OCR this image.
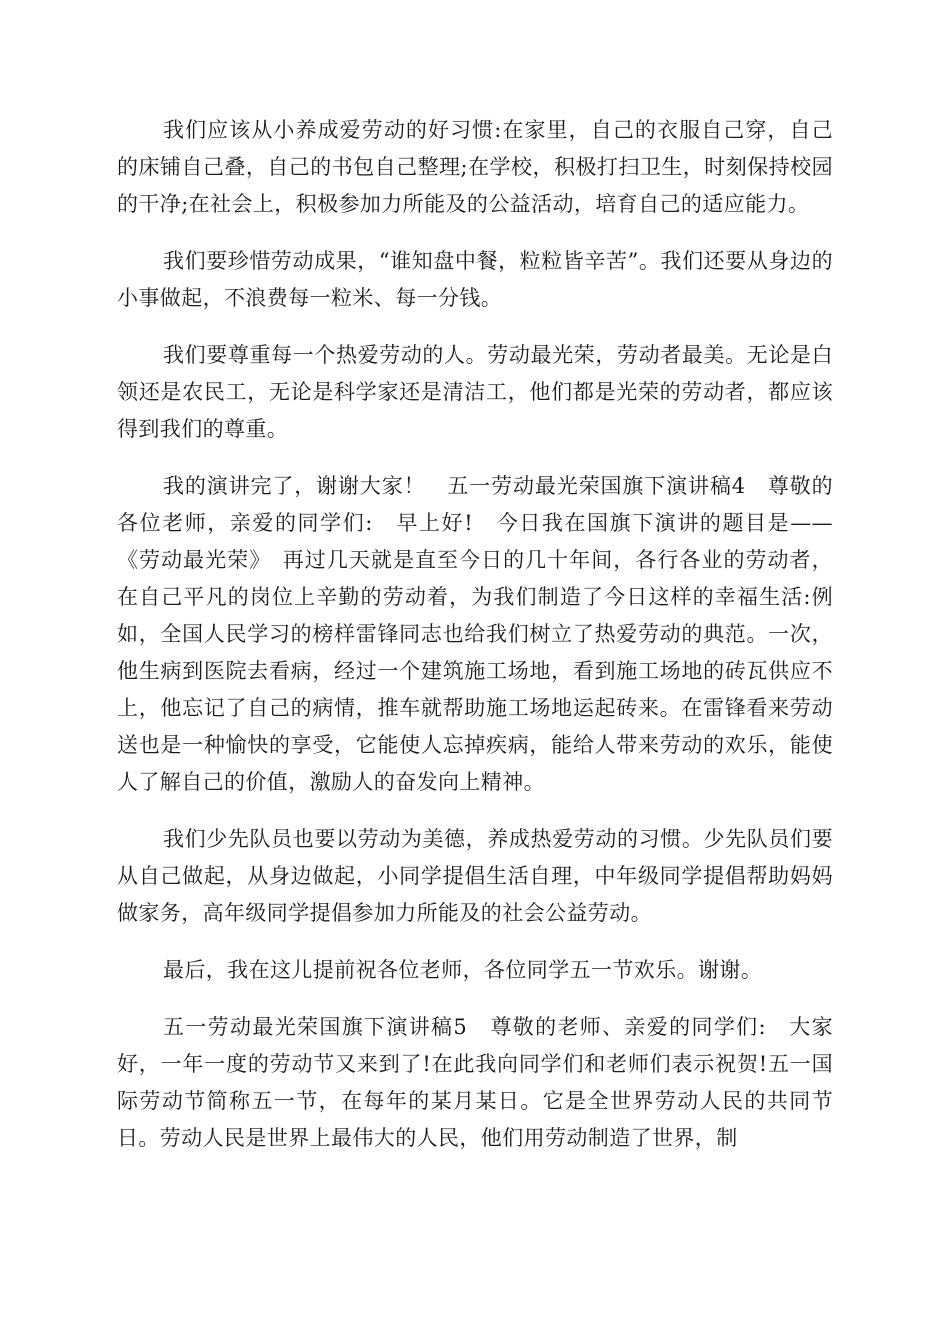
我们应该从小养成爱劳动的好习惯:在家里，自己的衣服自己穿，自己的床铺自己叠，自己的书包自己整理;在学校，积极打扫卫生，时刻保持校园的干净;在社会上，积极参加力所能及的公益活动，培育自己的适应能力。

我们要珍惜劳动成果，“谁知盘中餐，粒粒皆辛苦”。我们还要从身边的小事做起，不浪费每一粒米、每一分钱。

我们要尊重每一个热爱劳动的人。劳动最光荣，劳动者最美。无论是白领还是农民工，无论是科学家还是清洁工，他们都是光荣的劳动者，都应该得到我们的尊重。

我的演讲完了，谢谢大家！　五一劳动最光荣国旗下演讲稿4　尊敬的各位老师，亲爱的同学们:　早上好!　今日我在国旗下演讲的题目是——《劳动最光荣》　再过几天就是直至今日的几十年间，各行各业的劳动者，在自己平凡的岗位上辛勤的劳动着，为我们制造了今日这样的幸福生活:例如，全国人民学习的榜样雷锋同志也给我们树立了热爱劳动的典范。一次，他生病到医院去看病，经过一个建筑施工场地，看到施工场地的砖瓦供应不上，他忘记了自己的病情，推车就帮助施工场地运起砖来。在雷锋看来劳动送也是一种愉快的享受，它能使人忘掉疾病，能给人带来劳动的欢乐，能使人了解自己的价值，激励人的奋发向上精神。

我们少先队员也要以劳动为美德，养成热爱劳动的习惯。少先队员们要从自己做起，从身边做起，小同学提倡生活自理，中年级同学提倡帮助妈妈做家务，高年级同学提倡参加力所能及的社会公益劳动。

最后，我在这儿提前祝各位老师，各位同学五一节欢乐。谢谢。

五一劳动最光荣国旗下演讲稿5　尊敬的老师、亲爱的同学们:　大家好，一年一度的劳动节又来到了!在此我向同学们和老师们表示祝贺!五一国际劳动节简称五一节，在每年的某月某日。它是全世界劳动人民的共同节日。劳动人民是世界上最伟大的人民，他们用劳动制造了世界，制
